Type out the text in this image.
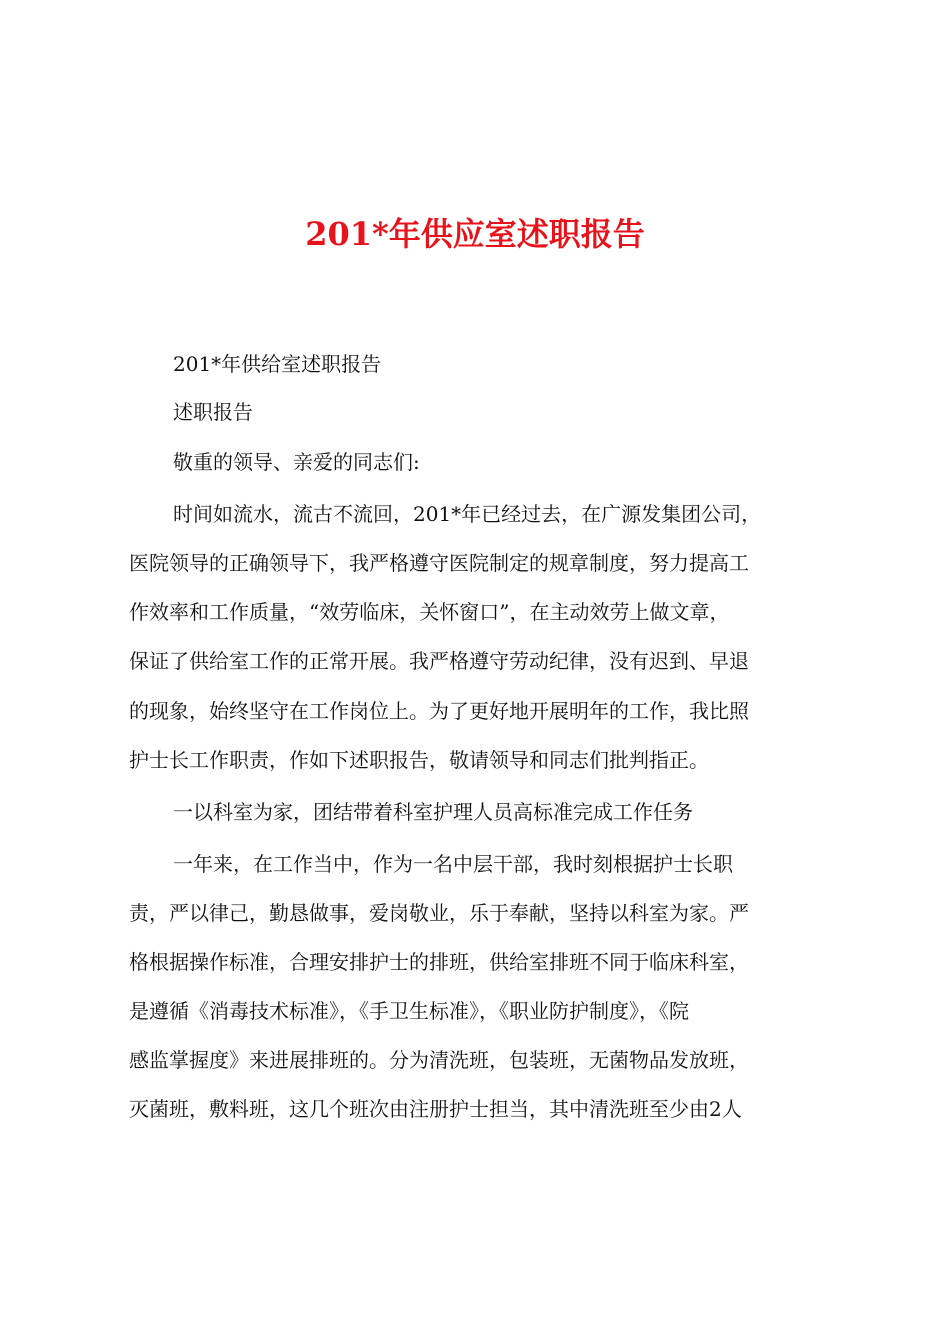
201*年供应室述职报告
201*年供给室述职报告
述职报告
敬重的领导、亲爱的同志们:
时间如流水，流古不流回，201*年已经过去，在广源发集团公司，
医院领导的正确领导下，我严格遵守医院制定的规章制度，努力提高工
作效率和工作质量，“效劳临床，关怀窗口”，在主动效劳上做文章，
保证了供给室工作的正常开展。我严格遵守劳动纪律，没有迟到、早退
的现象，始终坚守在工作岗位上。为了更好地开展明年的工作，我比照
护士长工作职责，作如下述职报告，敬请领导和同志们批判指正。
一以科室为家，团结带着科室护理人员高标准完成工作任务
一年来，在工作当中，作为一名中层干部，我时刻根据护士长职
责，严以律己，勤恳做事，爱岗敬业，乐于奉献，坚持以科室为家。严
格根据操作标准，合理安排护士的排班，供给室排班不同于临床科室，
是遵循《消毒技术标准》，《手卫生标准》，《职业防护制度》，《院
感监掌握度》来进展排班的。分为清洗班，包装班，无菌物品发放班，
灭菌班，敷料班，这几个班次由注册护士担当，其中清洗班至少由2人
